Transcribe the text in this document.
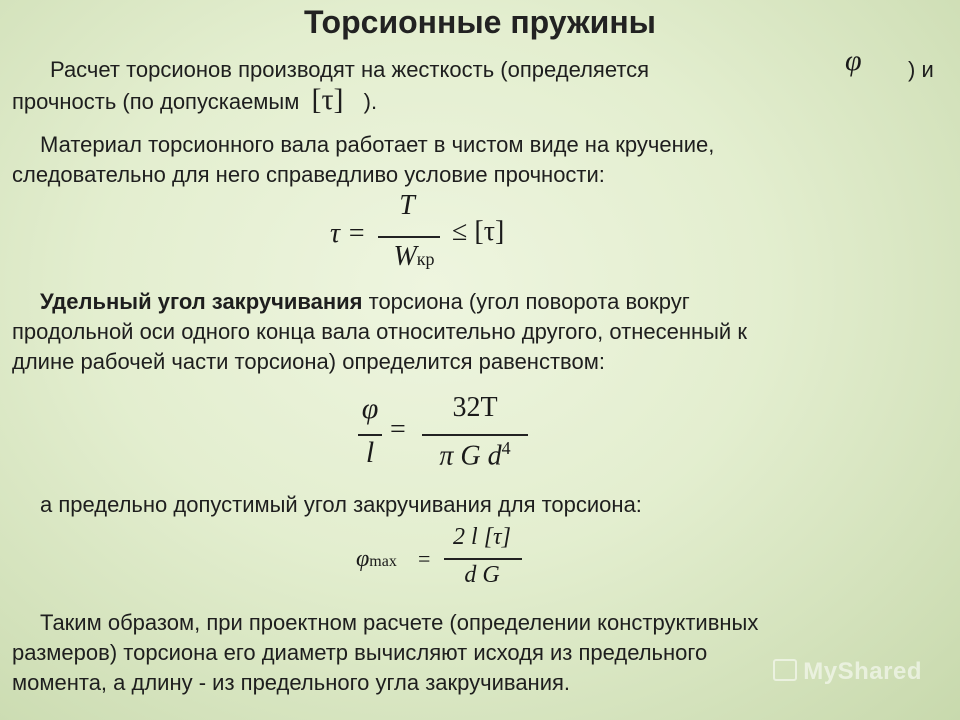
Торсионные пружины
Расчет торсионов производят на жесткость (определяется	φ ) и
прочность (по допускаемым [τ] ).
Материал торсионного вала работает в чистом виде на кручение,
следовательно для него справедливо условие прочности:
τ =
T
Wкр
≤ [τ]
Удельный угол закручивания торсиона (угол поворота вокруг
продольной оси одного конца вала относительно другого, отнесенный к
длине рабочей части торсиона) определится равенством:
φ
l
=
32T
π G $d^4$
а предельно допустимый угол закручивания для торсиона:
φmax =
2 l [τ]
d G
Таким образом, при проектном расчете (определении конструктивных
размеров) торсиона его диаметр вычисляют исходя из предельного
момента, а длину - из предельного угла закручивания.	MyShared
